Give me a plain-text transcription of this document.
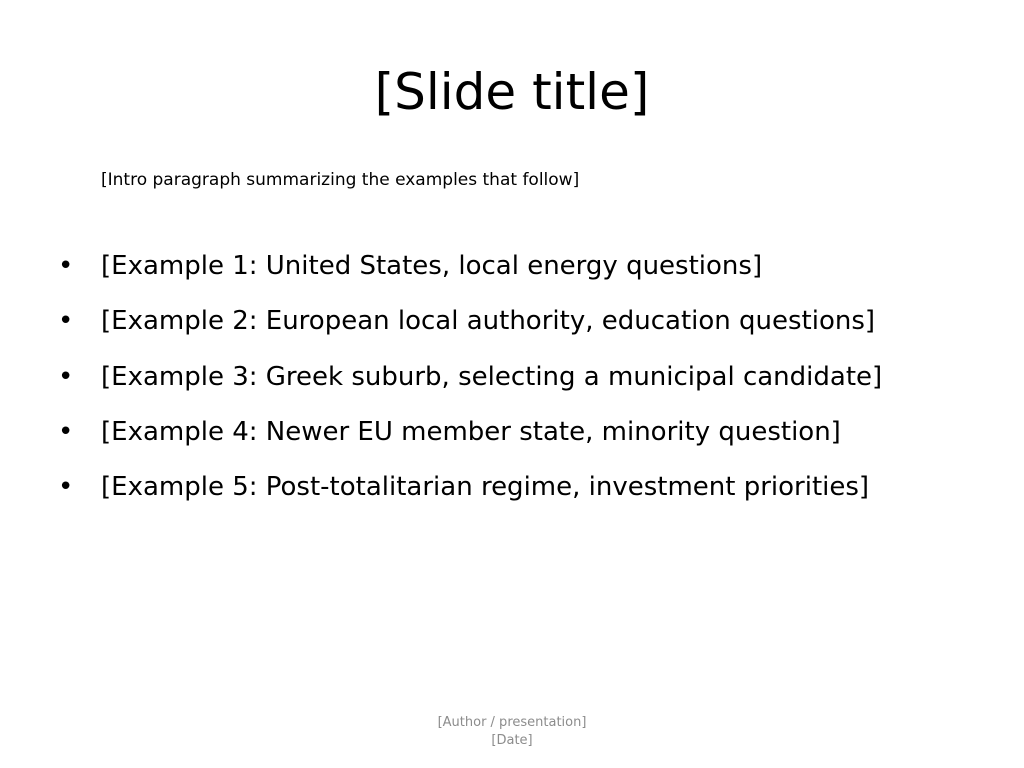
[Slide title]
[Intro paragraph summarizing the examples that follow]
•	[Example 1: United States, local energy questions]
•	[Example 2: European local authority, education questions]
•	[Example 3: Greek suburb, selecting a municipal candidate]
•	[Example 4: Newer EU member state, minority question]
•	[Example 5: Post-totalitarian regime, investment priorities]
[Author / presentation]
[Date]
